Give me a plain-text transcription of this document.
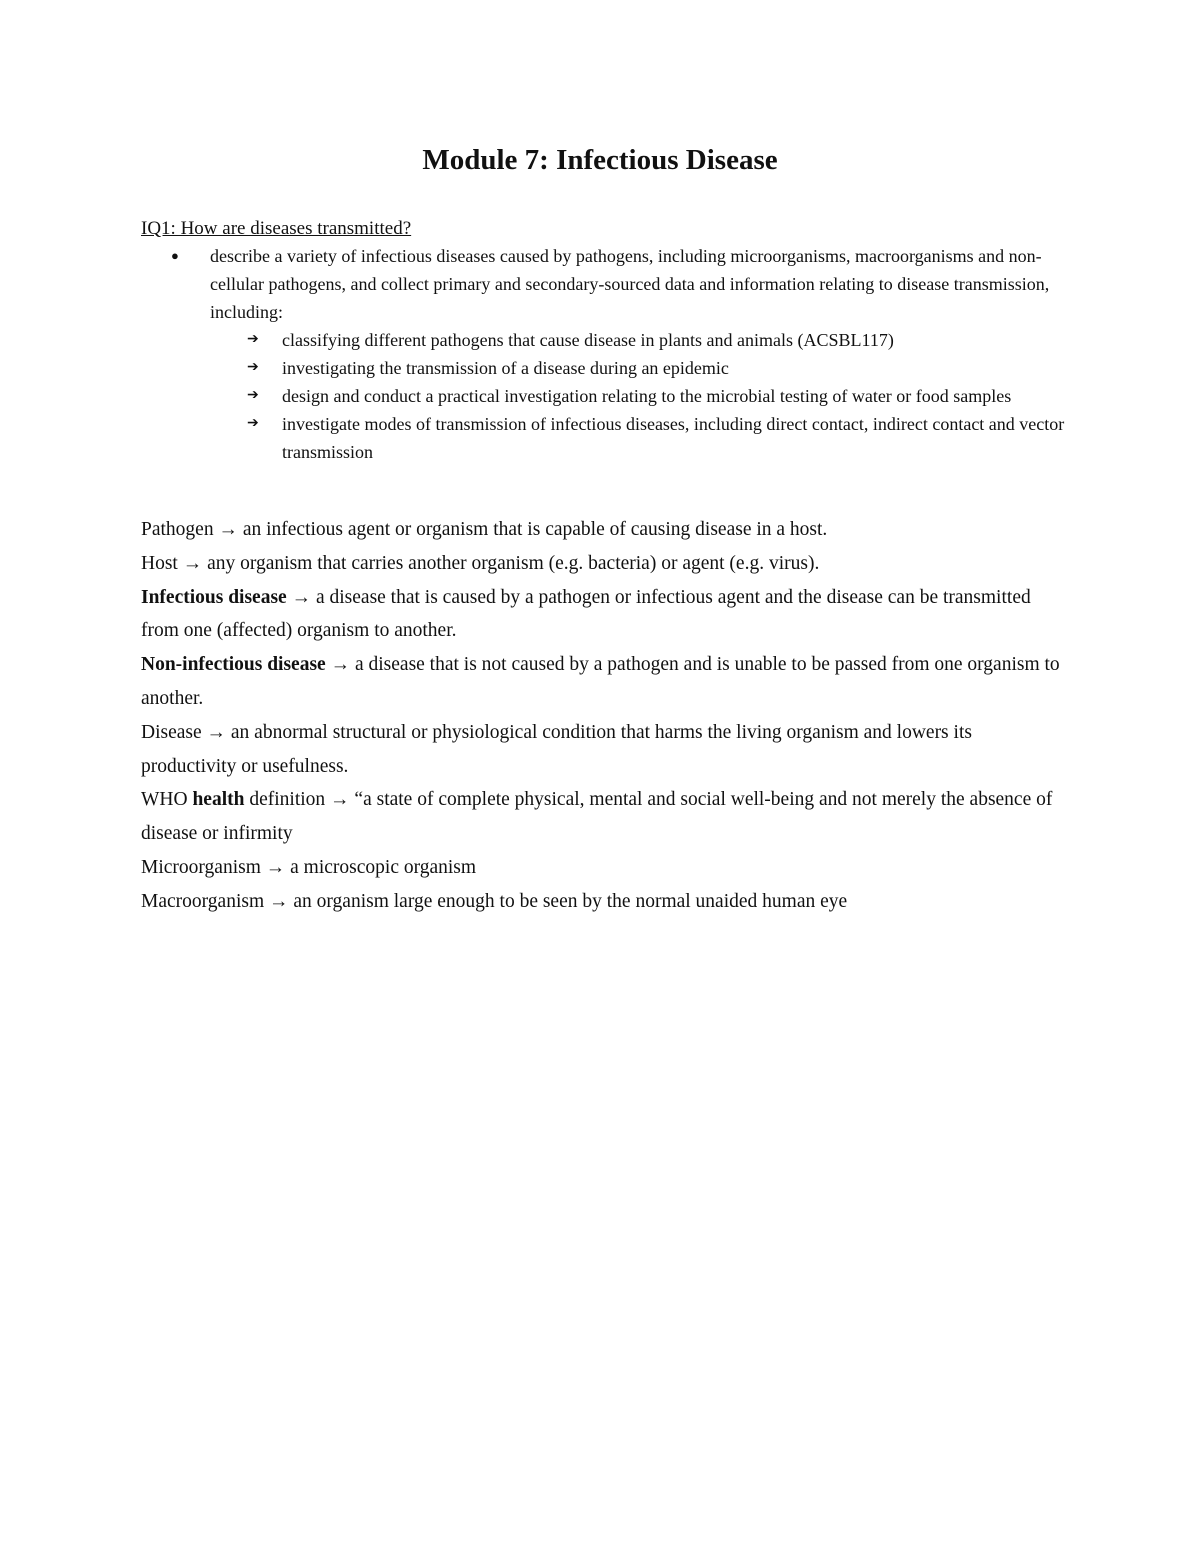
Module 7: Infectious Disease
IQ1: How are diseases transmitted?
● describe a variety of infectious diseases caused by pathogens, including microorganisms, macroorganisms and non-cellular pathogens, and collect primary and secondary-sourced data and information relating to disease transmission, including:
➔ classifying different pathogens that cause disease in plants and animals (ACSBL117)
➔ investigating the transmission of a disease during an epidemic
➔ design and conduct a practical investigation relating to the microbial testing of water or food samples
➔ investigate modes of transmission of infectious diseases, including direct contact, indirect contact and vector transmission
Pathogen → an infectious agent or organism that is capable of causing disease in a host.
Host → any organism that carries another organism (e.g. bacteria) or agent (e.g. virus).
Infectious disease → a disease that is caused by a pathogen or infectious agent and the disease can be transmitted from one (affected) organism to another.
Non-infectious disease → a disease that is not caused by a pathogen and is unable to be passed from one organism to another.
Disease → an abnormal structural or physiological condition that harms the living organism and lowers its productivity or usefulness.
WHO health definition → “a state of complete physical, mental and social well-being and not merely the absence of disease or infirmity
Microorganism → a microscopic organism
Macroorganism → an organism large enough to be seen by the normal unaided human eye
